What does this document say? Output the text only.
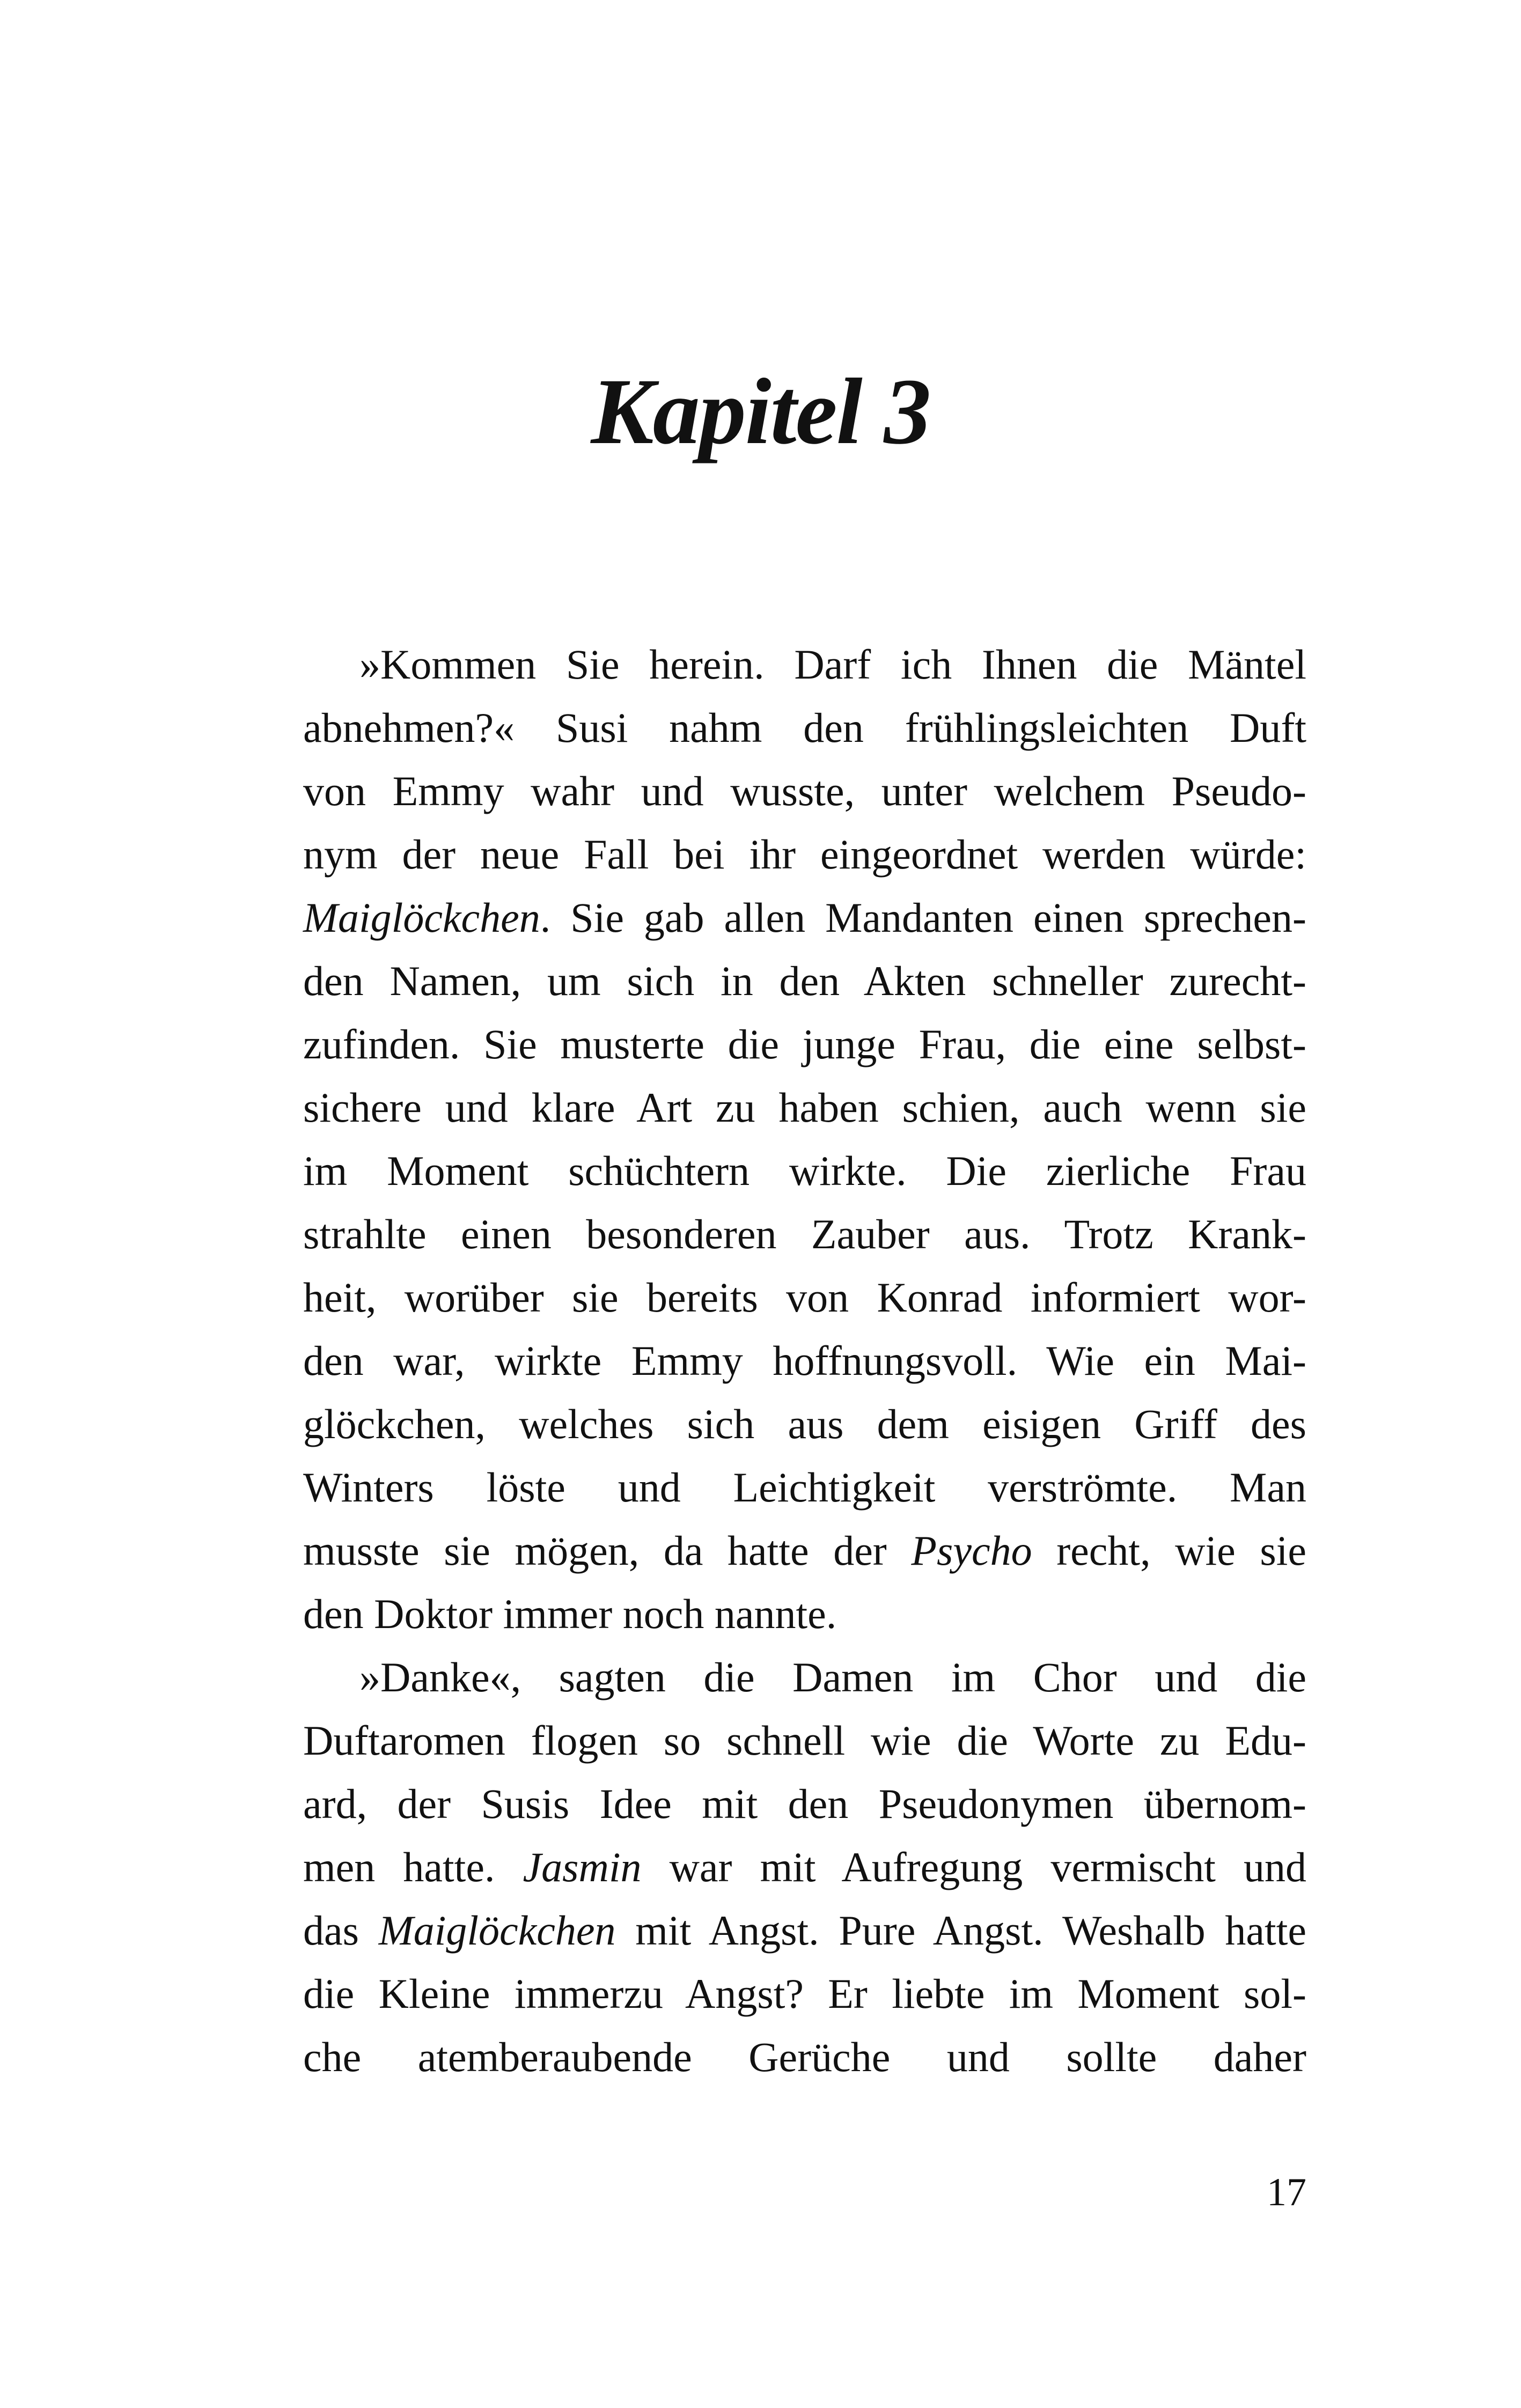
Kapitel 3
»Kommen Sie herein. Darf ich Ihnen die Mäntel
abnehmen?« Susi nahm den frühlingsleichten Duft
von Emmy wahr und wusste, unter welchem Pseudo-
nym der neue Fall bei ihr eingeordnet werden würde:
Maiglöckchen. Sie gab allen Mandanten einen sprechen-
den Namen, um sich in den Akten schneller zurecht-
zufinden. Sie musterte die junge Frau, die eine selbst-
sichere und klare Art zu haben schien, auch wenn sie
im Moment schüchtern wirkte. Die zierliche Frau
strahlte einen besonderen Zauber aus. Trotz Krank-
heit, worüber sie bereits von Konrad informiert wor-
den war, wirkte Emmy hoffnungsvoll. Wie ein Mai-
glöckchen, welches sich aus dem eisigen Griff des
Winters löste und Leichtigkeit verströmte. Man
musste sie mögen, da hatte der Psycho recht, wie sie
den Doktor immer noch nannte.
»Danke«, sagten die Damen im Chor und die
Duftaromen flogen so schnell wie die Worte zu Edu-
ard, der Susis Idee mit den Pseudonymen übernom-
men hatte. Jasmin war mit Aufregung vermischt und
das Maiglöckchen mit Angst. Pure Angst. Weshalb hatte
die Kleine immerzu Angst? Er liebte im Moment sol-
che atemberaubende Gerüche und sollte daher
17
